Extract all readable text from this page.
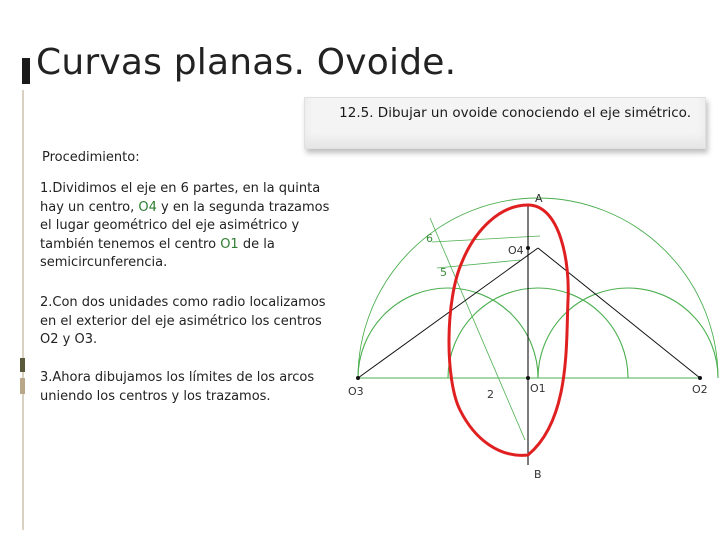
Curvas planas. Ovoide.
12.5. Dibujar un ovoide conociendo el eje simétrico.
Procedimiento:
1.Dividimos el eje en 6 partes, en la quinta hay un centro, O4 y en la segunda trazamos el lugar geométrico del eje asimétrico y también tenemos el centro O1 de la semicircunferencia.
2.Con dos unidades como radio localizamos en el exterior del eje asimétrico los centros O2 y O3.
3.Ahora dibujamos los límites de los arcos uniendo los centros y los trazamos.
A
B
O1	O2
O3
O4
2
5
6
